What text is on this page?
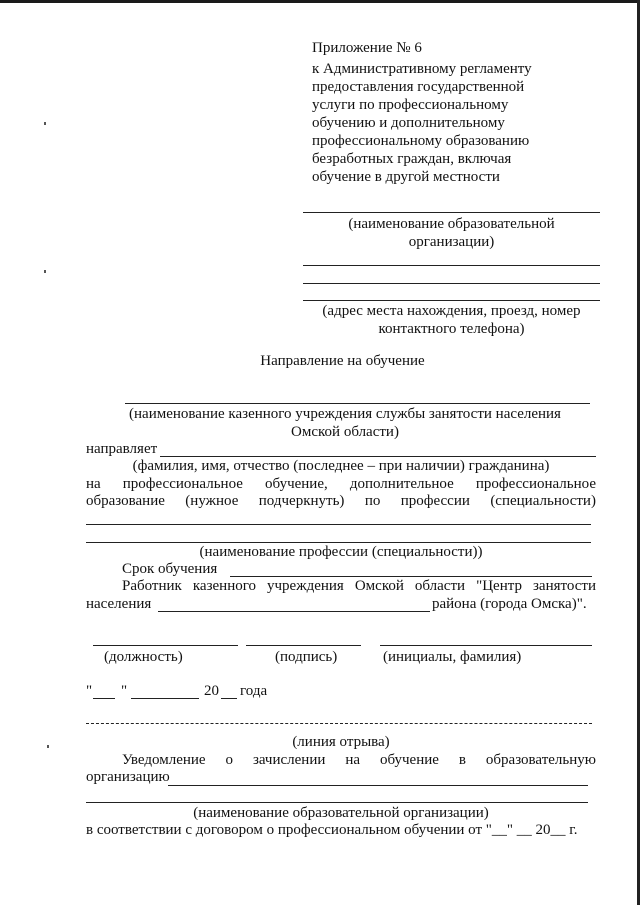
Приложение № 6
к Административному регламенту
предоставления государственной
услуги по профессиональному
обучению и дополнительному
профессиональному образованию
безработных граждан, включая
обучение в другой местности
(наименование образовательной
организации)
(адрес места нахождения, проезд, номер
контактного телефона)
Направление на обучение
(наименование казенного учреждения службы занятости населения
Омской области)
направляет
(фамилия, имя, отчество (последнее – при наличии) гражданина)
на профессиональное обучение, дополнительное профессиональное
образование (нужное подчеркнуть) по профессии (специальности)
(наименование профессии (специальности))
Срок обучения
Работник казенного учреждения Омской области "Центр занятости
населения	района (города Омска)".
(должность)	(подпись)	(инициалы, фамилия)
" "	20 года
(линия отрыва)
Уведомление о зачислении на обучение в образовательную
организацию
(наименование образовательной организации)
в соответствии с договором о профессиональном обучении от "__" __ 20__ г.
